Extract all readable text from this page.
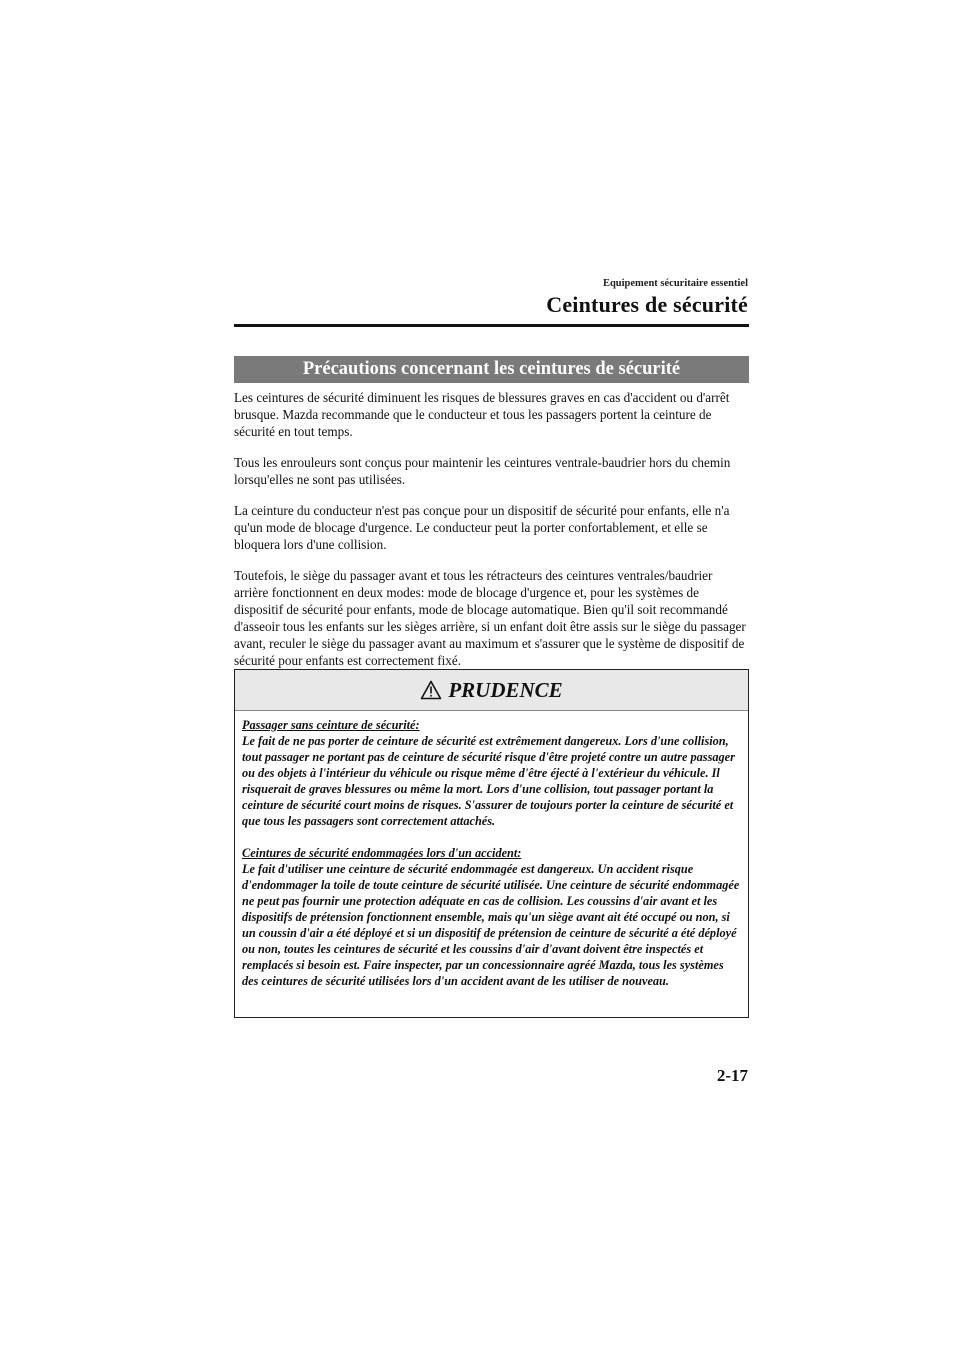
Equipement sécuritaire essentiel
Ceintures de sécurité
Précautions concernant les ceintures de sécurité

Les ceintures de sécurité diminuent les risques de blessures graves en cas d'accident ou d'arrêt brusque. Mazda recommande que le conducteur et tous les passagers portent la ceinture de sécurité en tout temps.

Tous les enrouleurs sont conçus pour maintenir les ceintures ventrale-baudrier hors du chemin lorsqu'elles ne sont pas utilisées.

La ceinture du conducteur n'est pas conçue pour un dispositif de sécurité pour enfants, elle n'a qu'un mode de blocage d'urgence. Le conducteur peut la porter confortablement, et elle se bloquera lors d'une collision.

Toutefois, le siège du passager avant et tous les rétracteurs des ceintures ventrales/baudrier arrière fonctionnent en deux modes: mode de blocage d'urgence et, pour les systèmes de dispositif de sécurité pour enfants, mode de blocage automatique. Bien qu'il soit recommandé d'asseoir tous les enfants sur les sièges arrière, si un enfant doit être assis sur le siège du passager avant, reculer le siège du passager avant au maximum et s'assurer que le système de dispositif de sécurité pour enfants est correctement fixé.

PRUDENCE
Passager sans ceinture de sécurité:
Le fait de ne pas porter de ceinture de sécurité est extrêmement dangereux. Lors d'une collision, tout passager ne portant pas de ceinture de sécurité risque d'être projeté contre un autre passager ou des objets à l'intérieur du véhicule ou risque même d'être éjecté à l'extérieur du véhicule. Il risquerait de graves blessures ou même la mort. Lors d'une collision, tout passager portant la ceinture de sécurité court moins de risques. S'assurer de toujours porter la ceinture de sécurité et que tous les passagers sont correctement attachés.
Ceintures de sécurité endommagées lors d'un accident:
Le fait d'utiliser une ceinture de sécurité endommagée est dangereux. Un accident risque d'endommager la toile de toute ceinture de sécurité utilisée. Une ceinture de sécurité endommagée ne peut pas fournir une protection adéquate en cas de collision. Les coussins d'air avant et les dispositifs de prétension fonctionnent ensemble, mais qu'un siège avant ait été occupé ou non, si un coussin d'air a été déployé et si un dispositif de prétension de ceinture de sécurité a été déployé ou non, toutes les ceintures de sécurité et les coussins d'air d'avant doivent être inspectés et remplacés si besoin est. Faire inspecter, par un concessionnaire agréé Mazda, tous les systèmes des ceintures de sécurité utilisées lors d'un accident avant de les utiliser de nouveau.
2-17
